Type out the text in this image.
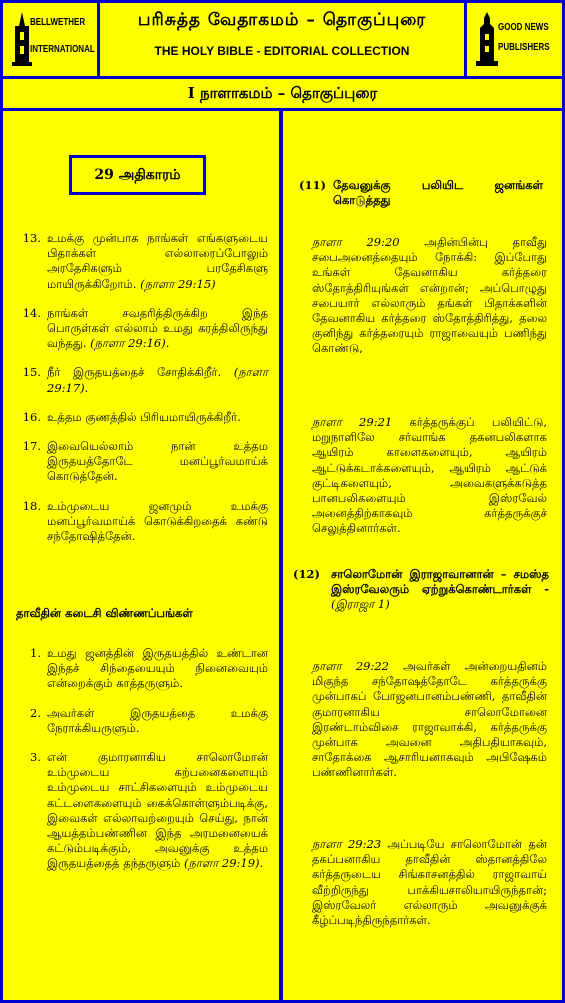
BELLWETHER
INTERNATIONAL
பரிசுத்த வேதாகமம் – தொகுப்புரை
THE HOLY BIBLE - EDITORIAL COLLECTION
GOOD NEWS
PUBLISHERS
I நாளாகமம் – தொகுப்புரை
29 அதிகாரம்
13. உமக்கு முன்பாக நாங்கள் எங்களுடைய பிதாக்கள் எல்லாரைப்போலும் அரதேசிகளும் பரதேசிகளு மாயிருக்கிறோம். (நாளா 29:15)
14. நாங்கள் சவதரித்திருக்கிற இந்த பொருள்கள் எல்லாம் உமது கரத்திலிருந்து வந்தது. (நாளா 29:16).
15. நீர் இருதயத்தைச் சோதிக்கிறீர். (நாளா 29:17).
16. உத்தம குணத்தில் பிரியமாயிருக்கிறீர்.
17. இவையெல்லாம் நான் உத்தம இருதயத்தோடே மனப்பூர்வமாய்க் கொடுத்தேன்.
18. உம்முடைய ஜனமும் உமக்கு மனப்பூர்வமாய்க் கொடுக்கிறதைக் கண்டு சந்தோஷித்தேன்.
தாவீதின் கடைசி விண்ணப்பங்கள்
1. உமது ஜனத்தின் இருதயத்தில் உண்டான இந்தச் சிந்தையையும் நினைவையும் என்றைக்கும் காத்தருளும்.
2. அவர்கள் இருதயத்தை உமக்கு நேராக்கியருளும்.
3. என் குமாரனாகிய சாலொமோன் உம்முடைய கற்பனைகளையும் உம்முடைய சாட்சிகளையும் உம்முடைய கட்டளைகளையும் கைக்கொள்ளும்படிக்கு, இவைகள் எல்லாவற்றையும் செய்து, நான் ஆயத்தம்பண்ணின இந்த அரமனையைக் கட்டும்படிக்கும், அவனுக்கு உத்தம இருதயத்தைத் தந்தருளும் (நாளா 29:19).
(11) தேவனுக்கு பலியிட ஜனங்கள் கொடுத்தது
நாளா 29:20 அதின்பின்பு தாவீது சபைஅனைத்தையும் நோக்கி: இப்போது உங்கள் தேவனாகிய கர்த்தரை ஸ்தோத்திரியுங்கள் என்றான்; அப்பொழுது சபையார் எல்லாரும் தங்கள் பிதாக்களின் தேவனாகிய கர்த்தரை ஸ்தோத்திரித்து, தலை குனிந்து கர்த்தரையும் ராஜாவையும் பணிந்து கொண்டு,
நாளா 29:21 கர்த்தருக்குப் பலியிட்டு, மறுநாளிலே சர்வாங்க தகனபலிகளாக ஆயிரம் காளைகளையும், ஆயிரம் ஆட்டுக்கடாக்களையும், ஆயிரம் ஆட்டுக் குட்டிகளையும், அவைகளுக்கடுத்த பானபலிகளையும் இஸ்ரவேல் அனைத்திற்காகவும் கர்த்தருக்குச் செலுத்தினார்கள்.
(12) சாலொமோன் இராஜாவானான் – சமஸ்த இஸ்ரவேலரும் ஏற்றுக்கொண்டார்கள் - (இராஜா 1)
நாளா 29:22 அவர்கள் அன்றையதினம் மிகுந்த சந்தோஷத்தோடே கர்த்தருக்கு முன்பாகப் போஜனபானம்பண்ணி, தாவீதின் குமாரனாகிய சாலொமோனை இரண்டாம்விசை ராஜாவாக்கி, கர்த்தருக்கு முன்பாக அவனை அதிபதியாகவும், சாதோக்கை ஆசாரியனாகவும் அபிஷேகம் பண்ணினார்கள்.
நாளா 29:23 அப்படியே சாலொமோன் தன் தகப்பனாகிய தாவீதின் ஸ்தானத்திலே கர்த்தருடைய சிங்காசனத்தில் ராஜாவாய் வீற்றிருந்து பாக்கியசாலியாயிருந்தான்; இஸ்ரவேலர் எல்லாரும் அவனுக்குக் கீழ்ப்படிந்திருந்தார்கள்.
